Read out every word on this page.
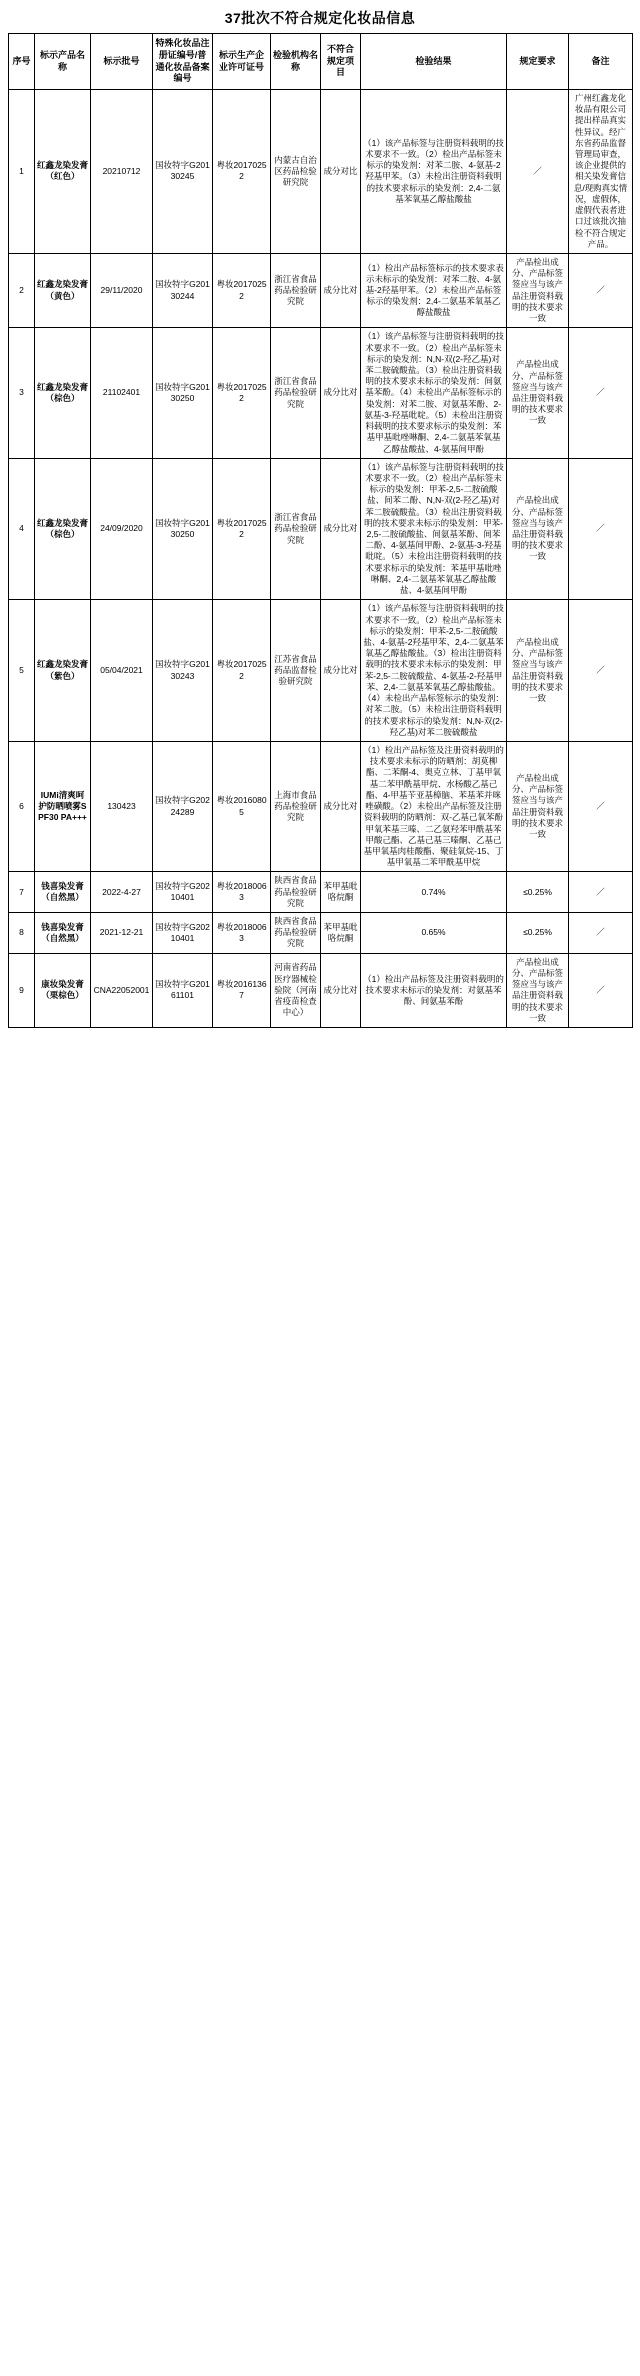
37批次不符合规定化妆品信息
序号	标示产品名称	标示批号	特殊化妆品注册证编号/普通化妆品备案编号	标示生产企业许可证号	检验机构名称	不符合规定项目	检验结果	规定要求	备注
1	红鑫龙染发膏（红色）	20210712	国妆特字G20130245	粤妆20170252	内蒙古自治区药品检验研究院	成分对比	（1）该产品标签与注册资料载明的技术要求不一致。（2）检出产品标签未标示的染发剂：对苯二胺、4-氨基-2羟基甲苯。（3）未检出注册资料载明的技术要求标示的染发剂：2,4-二氨基苯氧基乙醇盐酸盐	／	广州红鑫龙化妆品有限公司提出样品真实性异议。经广东省药品监督管理局审查，该企业提供的相关染发膏信息/现购真实情况，虚假体，虚假代表者进口过该批次抽检不符合规定产品。
2	红鑫龙染发膏（黄色）	29/11/2020	国妆特字G20130244	粤妆20170252	浙江省食品药品检验研究院	成分比对	（1）检出产品标签标示的技术要求表示未标示的染发剂：对苯二胺、4-氨基-2羟基甲苯。（2）未检出产品标签标示的染发剂：2,4-二氨基苯氧基乙醇盐酸盐	产品检出成分、产品标签签应当与该产品注册资料载明的技术要求一致	／
3	红鑫龙染发膏（棕色）	21102401	国妆特字G20130250	粤妆20170252	浙江省食品药品检验研究院	成分比对	（1）该产品标签与注册资料载明的技术要求不一致。（2）检出产品标签未标示的染发剂：N,N-双(2-羟乙基)对苯二胺硫酸盐。（3）检出注册资料载明的技术要求未标示的染发剂：间氨基苯酚。（4）未检出产品标签标示的染发剂：对苯二胺、对氨基苯酚、2-氨基-3-羟基吡啶。（5）未检出注册资料载明的技术要求标示的染发剂：苯基甲基吡唑啉酮、2,4-二氨基苯氧基乙醇盐酸盐、4-氨基间甲酚	产品检出成分、产品标签签应当与该产品注册资料载明的技术要求一致	／
4	红鑫龙染发膏（棕色）	24/09/2020	国妆特字G20130250	粤妆20170252	浙江省食品药品检验研究院	成分比对	（1）该产品标签与注册资料载明的技术要求不一致。（2）检出产品标签未标示的染发剂：甲苯-2,5-二胺硫酸盐、间苯二酚、N,N-双(2-羟乙基)对苯二胺硫酸盐。（3）检出注册资料载明的技术要求未标示的染发剂：甲苯-2,5-二胺硫酸盐、间氨基苯酚、间苯二酚、4-氨基间甲酚、2-氨基-3-羟基吡啶。（5）未检出注册资料载明的技术要求标示的染发剂：苯基甲基吡唑啉酮、2,4-二氨基苯氧基乙醇盐酸盐、4-氨基间甲酚	产品检出成分、产品标签签应当与该产品注册资料载明的技术要求一致	／
5	红鑫龙染发膏（紫色）	05/04/2021	国妆特字G20130243	粤妆20170252	江苏省食品药品监督检验研究院	成分比对	（1）该产品标签与注册资料载明的技术要求不一致。（2）检出产品标签未标示的染发剂：甲苯-2,5-二胺硫酸盐、4-氨基-2羟基甲苯、2,4-二氨基苯氧基乙醇盐酸盐。（3）检出注册资料载明的技术要求未标示的染发剂：甲苯-2,5-二胺硫酸盐、4-氨基-2-羟基甲苯、2,4-二氨基苯氧基乙醇盐酸盐。（4）未检出产品标签标示的染发剂：对苯二胺。（5）未检出注册资料载明的技术要求标示的染发剂：N,N-双(2-羟乙基)对苯二胺硫酸盐	产品检出成分、产品标签签应当与该产品注册资料载明的技术要求一致	／
6	IUMi清爽呵护防晒喷雾SPF30 PA+++	130423	国妆特字G20224289	粤妆20160805	上海市食品药品检验研究院	成分比对	（1）检出产品标签及注册资料载明的技术要求未标示的防晒剂：胡莫柳酯、二苯酮-4、奥克立林、丁基甲氧基二苯甲酰基甲烷、水杨酸乙基己酯、4-甲基苄亚基樟脑、苯基苯并咪唑磺酸。（2）未检出产品标签及注册资料载明的防晒剂：双-乙基己氧苯酚甲氧苯基三嗪、二乙氨羟苯甲酰基苯甲酸己酯、乙基己基三嗪酮、乙基己基甲氧基肉桂酸酯、聚硅氧烷-15、丁基甲氧基二苯甲酰基甲烷	产品检出成分、产品标签签应当与该产品注册资料载明的技术要求一致	／
7	钱喜染发膏（自然黑）	2022-4-27	国妆特字G20210401	粤妆20180063	陕西省食品药品检验研究院	苯甲基吡咯烷酮	0.74%	≤0.25%	／
8	钱喜染发膏（自然黑）	2021-12-21	国妆特字G20210401	粤妆20180063	陕西省食品药品检验研究院	苯甲基吡咯烷酮	0.65%	≤0.25%	／
9	康妆染发膏（栗棕色）	CNA22052001	国妆特字G20161101	粤妆20161367	河南省药品医疗器械检验院（河南省疫苗检查中心）	成分比对	（1）检出产品标签及注册资料载明的技术要求未标示的染发剂：对氨基苯酚、间氨基苯酚	产品检出成分、产品标签签应当与该产品注册资料载明的技术要求一致	／
